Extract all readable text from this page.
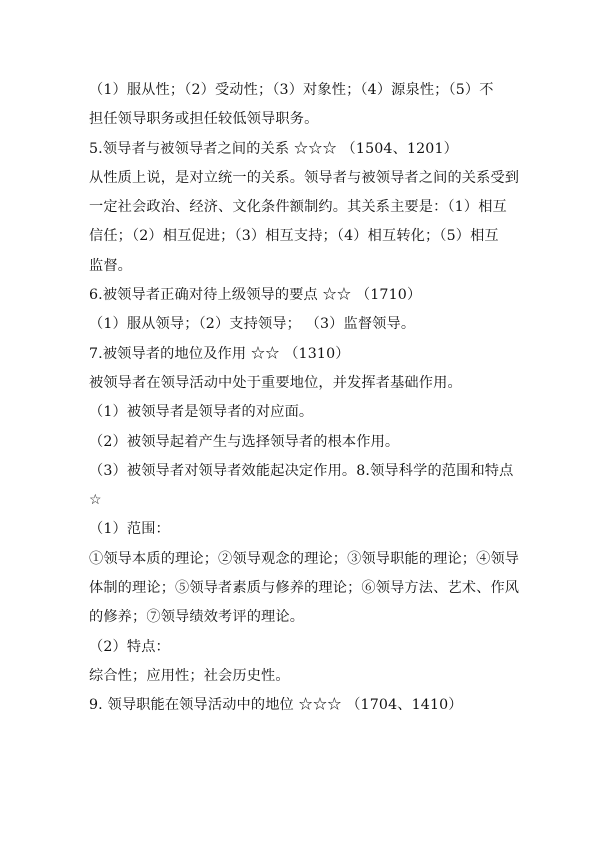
（1）服从性；（2）受动性；（3）对象性；（4）源泉性；（5）不
担任领导职务或担任较低领导职务。
5.领导者与被领导者之间的关系 ☆☆☆ （1504、1201）
从性质上说，是对立统一的关系。领导者与被领导者之间的关系受到
一定社会政治、经济、文化条件额制约。其关系主要是：（1）相互
信任；（2）相互促进；（3）相互支持；（4）相互转化；（5）相互
监督。
6.被领导者正确对待上级领导的要点 ☆☆ （1710）
（1）服从领导；（2）支持领导； （3）监督领导。
7.被领导者的地位及作用 ☆☆ （1310）
被领导者在领导活动中处于重要地位，并发挥者基础作用。
（1）被领导者是领导者的对应面。
（2）被领导起着产生与选择领导者的根本作用。
（3）被领导者对领导者效能起决定作用。8.领导科学的范围和特点
☆
（1）范围：
①领导本质的理论；②领导观念的理论；③领导职能的理论；④领导
体制的理论；⑤领导者素质与修养的理论；⑥领导方法、艺术、作风
的修养；⑦领导绩效考评的理论。
（2）特点：
综合性；应用性；社会历史性。
9. 领导职能在领导活动中的地位 ☆☆☆ （1704、1410）
